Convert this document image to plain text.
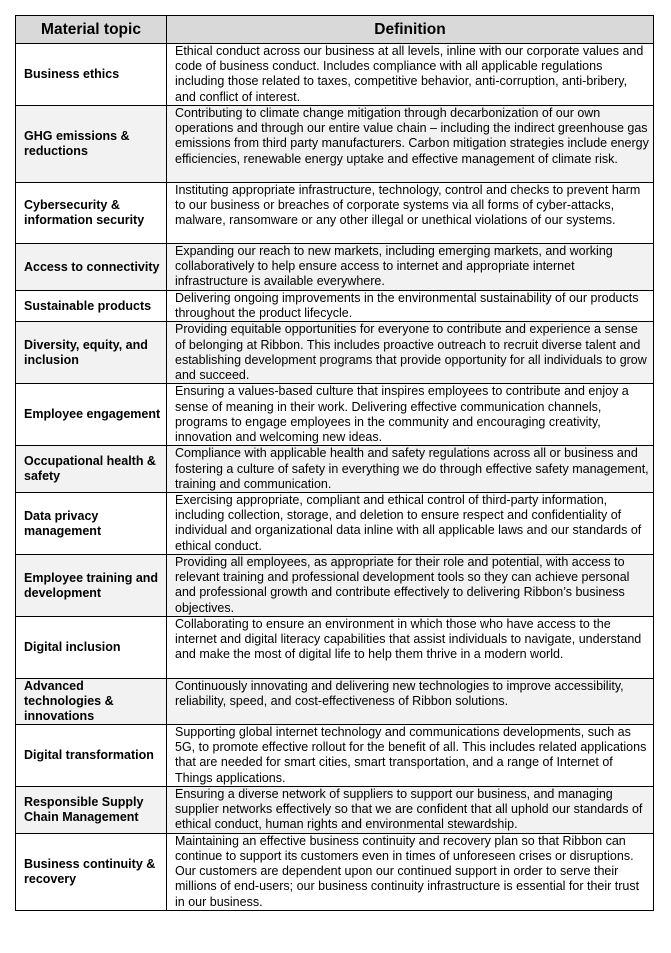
Material topic	Definition
Business ethics	Ethical conduct across our business at all levels, inline with our corporate values and code of business conduct. Includes compliance with all applicable regulations including those related to taxes, competitive behavior, anti-corruption, anti-bribery, and conflict of interest.
GHG emissions & reductions	Contributing to climate change mitigation through decarbonization of our own operations and through our entire value chain – including the indirect greenhouse gas emissions from third party manufacturers. Carbon mitigation strategies include energy efficiencies, renewable energy uptake and effective management of climate risk.
Cybersecurity & information security	Instituting appropriate infrastructure, technology, control and checks to prevent harm to our business or breaches of corporate systems via all forms of cyber-attacks, malware, ransomware or any other illegal or unethical violations of our systems.
Access to connectivity	Expanding our reach to new markets, including emerging markets, and working collaboratively to help ensure access to internet and appropriate internet infrastructure is available everywhere.
Sustainable products	Delivering ongoing improvements in the environmental sustainability of our products throughout the product lifecycle.
Diversity, equity, and inclusion	Providing equitable opportunities for everyone to contribute and experience a sense of belonging at Ribbon. This includes proactive outreach to recruit diverse talent and establishing development programs that provide opportunity for all individuals to grow and succeed.
Employee engagement	Ensuring a values-based culture that inspires employees to contribute and enjoy a sense of meaning in their work. Delivering effective communication channels, programs to engage employees in the community and encouraging creativity, innovation and welcoming new ideas.
Occupational health & safety	Compliance with applicable health and safety regulations across all or business and fostering a culture of safety in everything we do through effective safety management, training and communication.
Data privacy management	Exercising appropriate, compliant and ethical control of third-party information, including collection, storage, and deletion to ensure respect and confidentiality of individual and organizational data inline with all applicable laws and our standards of ethical conduct.
Employee training and development	Providing all employees, as appropriate for their role and potential, with access to relevant training and professional development tools so they can achieve personal and professional growth and contribute effectively to delivering Ribbon’s business objectives.
Digital inclusion	Collaborating to ensure an environment in which those who have access to the internet and digital literacy capabilities that assist individuals to navigate, understand and make the most of digital life to help them thrive in a modern world.
Advanced technologies & innovations	Continuously innovating and delivering new technologies to improve accessibility, reliability, speed, and cost-effectiveness of Ribbon solutions.
Digital transformation	Supporting global internet technology and communications developments, such as 5G, to promote effective rollout for the benefit of all. This includes related applications that are needed for smart cities, smart transportation, and a range of Internet of Things applications.
Responsible Supply Chain Management	Ensuring a diverse network of suppliers to support our business, and managing supplier networks effectively so that we are confident that all uphold our standards of ethical conduct, human rights and environmental stewardship.
Business continuity & recovery	Maintaining an effective business continuity and recovery plan so that Ribbon can continue to support its customers even in times of unforeseen crises or disruptions. Our customers are dependent upon our continued support in order to serve their millions of end-users; our business continuity infrastructure is essential for their trust in our business.
